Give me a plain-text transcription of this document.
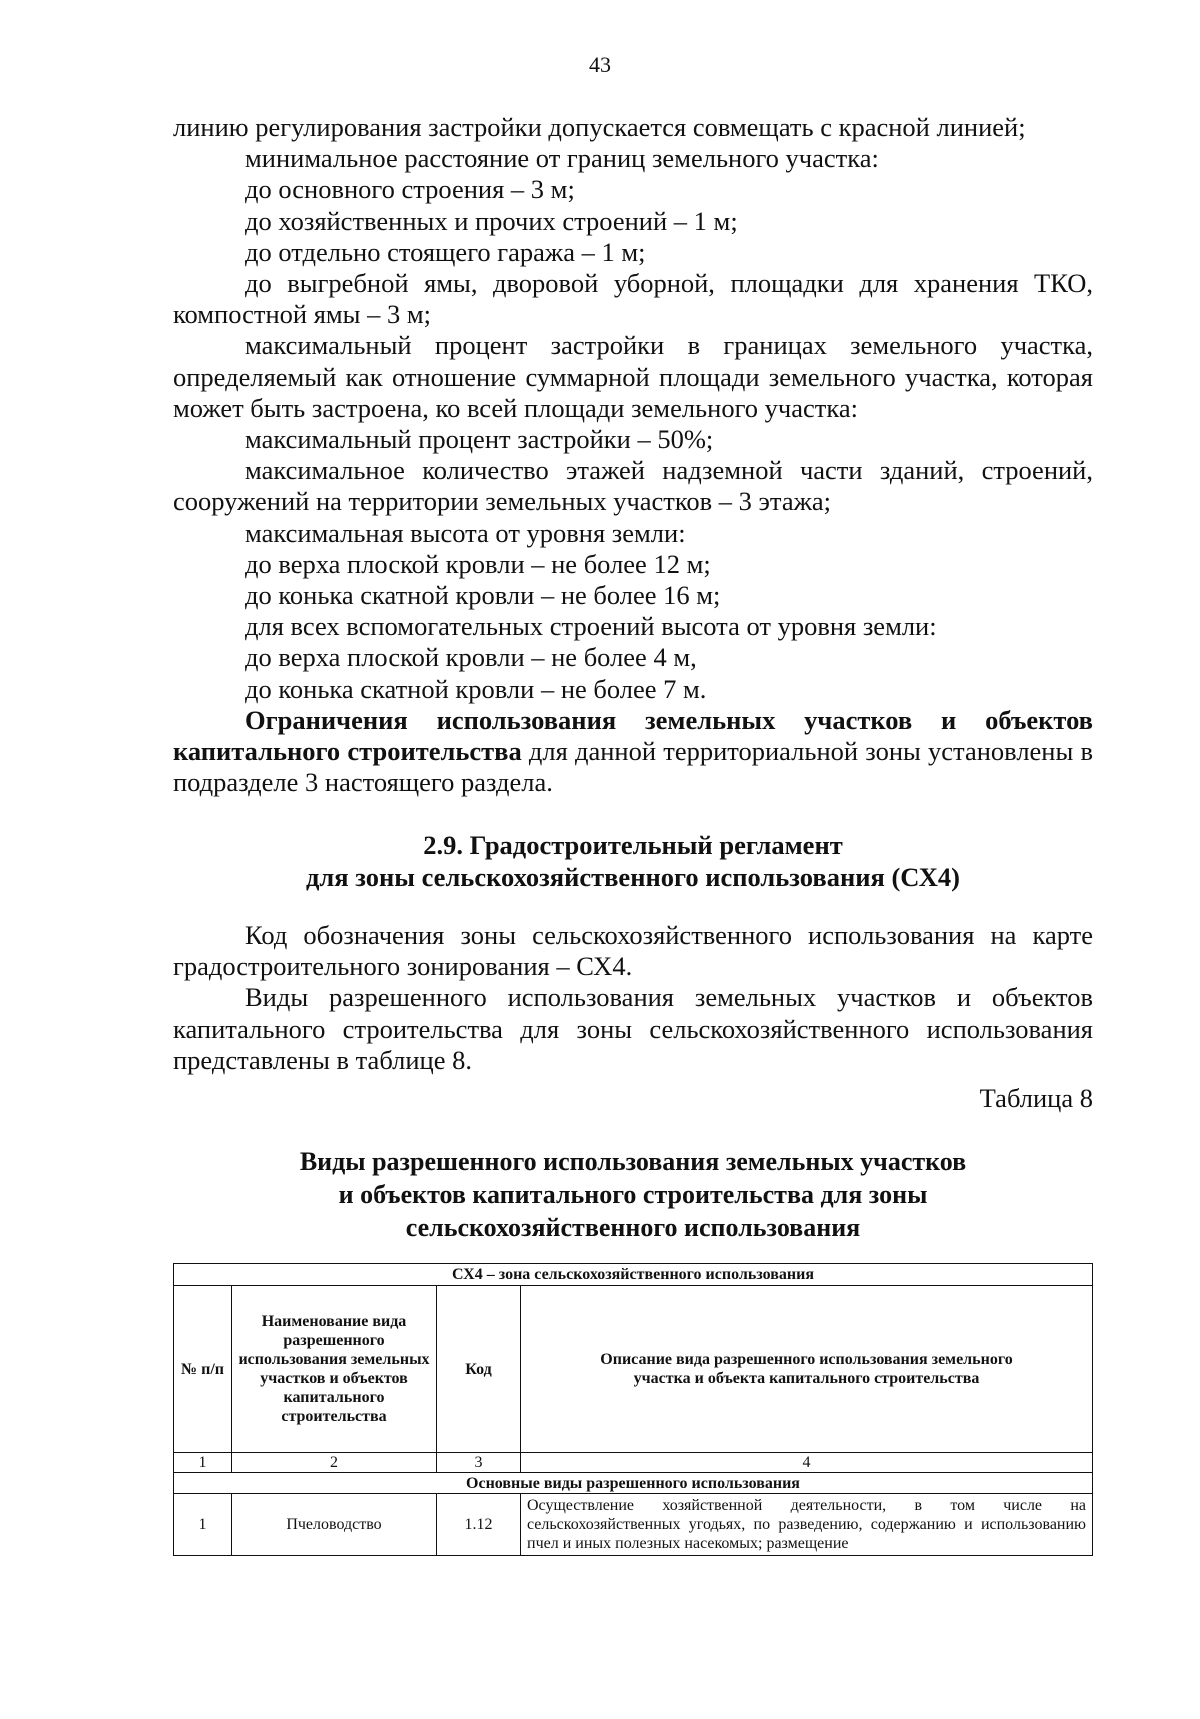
43

линию регулирования застройки допускается совмещать с красной линией;

минимальное расстояние от границ земельного участка:

до основного строения – 3 м;

до хозяйственных и прочих строений – 1 м;

до отдельно стоящего гаража – 1 м;

до выгребной ямы, дворовой уборной, площадки для хранения ТКО, компостной ямы – 3 м;

максимальный процент застройки в границах земельного участка, определяемый как отношение суммарной площади земельного участка, которая может быть застроена, ко всей площади земельного участка:

максимальный процент застройки – 50%;

максимальное количество этажей надземной части зданий, строений, сооружений на территории земельных участков – 3 этажа;

максимальная высота от уровня земли:

до верха плоской кровли – не более 12 м;

до конька скатной кровли – не более 16 м;

для всех вспомогательных строений высота от уровня земли:

до верха плоской кровли – не более 4 м,

до конька скатной кровли – не более 7 м.

Ограничения использования земельных участков и объектов капитального строительства для данной территориальной зоны установлены в подразделе 3 настоящего раздела.

2.9. Градостроительный регламент
для зоны сельскохозяйственного использования (СХ4)

Код обозначения зоны сельскохозяйственного использования на карте градостроительного зонирования – СХ4.

Виды разрешенного использования земельных участков и объектов капитального строительства для зоны сельскохозяйственного использования представлены в таблице 8.

Таблица 8
Виды разрешенного использования земельных участков
и объектов капитального строительства для зоны
сельскохозяйственного использования
СХ4 – зона сельскохозяйственного использования			
№ п/п	Наименование вида разрешенного использования земельных участков и объектов капитального строительства	Код	Описание вида разрешенного использования земельного участка и объекта капитального строительства
1	2	3	4
Основные виды разрешенного использования			
1	Пчеловодство	1.12	Осуществление хозяйственной деятельности, в том числе на сельскохозяйственных угодьях, по разведению, содержанию и использованию пчел и иных полезных насекомых; размещение
